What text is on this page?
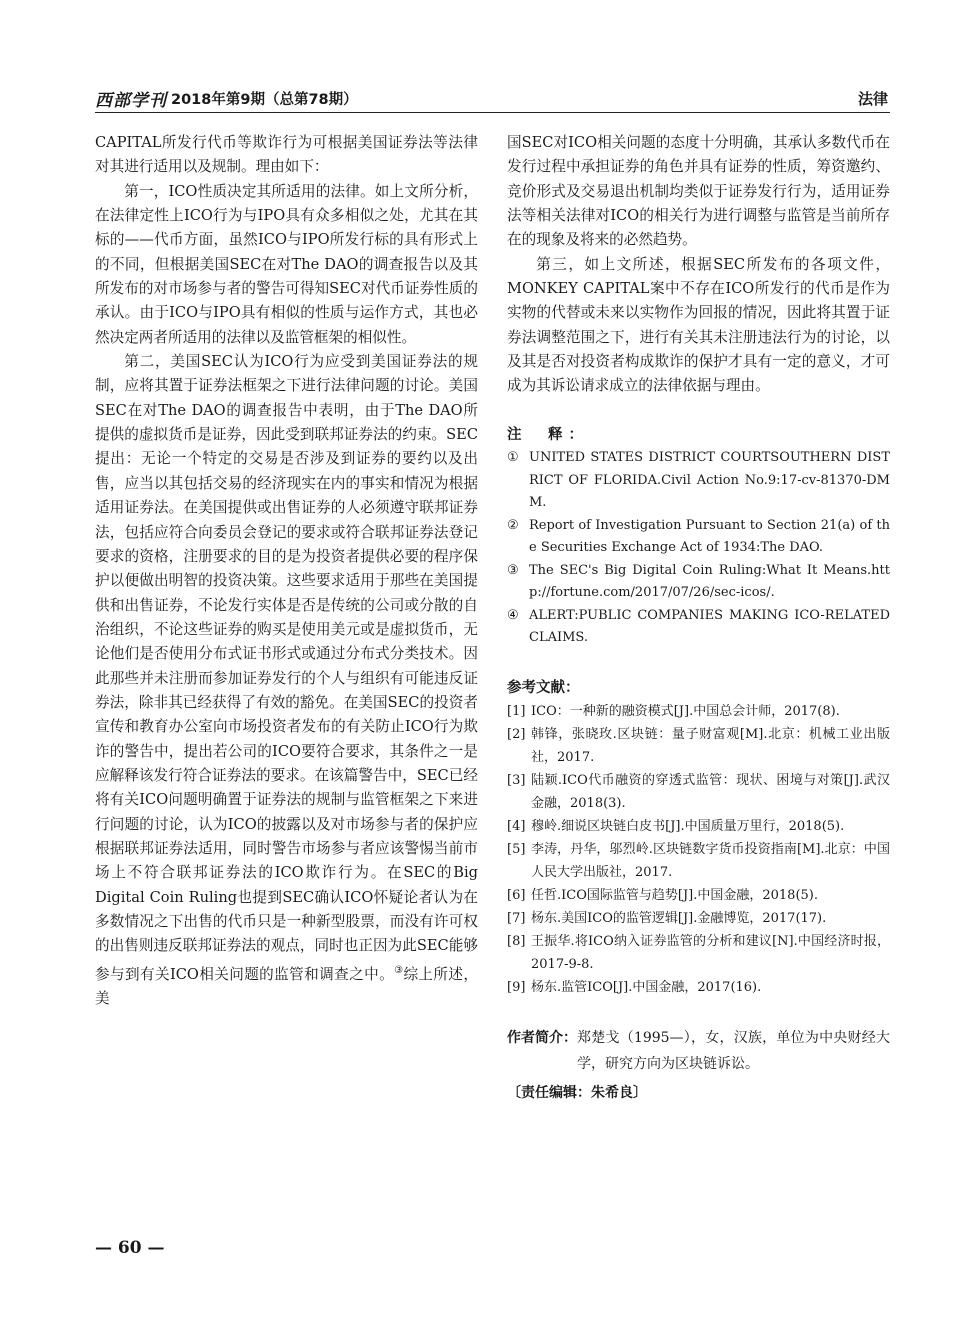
西部学刊 2018年第9期（总第78期）	法律

CAPITAL所发行代币等欺诈行为可根据美国证券法等法律对其进行适用以及规制。理由如下：

第一，ICO性质决定其所适用的法律。如上文所分析，在法律定性上ICO行为与IPO具有众多相似之处，尤其在其标的——代币方面，虽然ICO与IPO所发行标的具有形式上的不同，但根据美国SEC在对The DAO的调查报告以及其所发布的对市场参与者的警告可得知SEC对代币证券性质的承认。由于ICO与IPO具有相似的性质与运作方式，其也必然决定两者所适用的法律以及监管框架的相似性。

第二，美国SEC认为ICO行为应受到美国证券法的规制，应将其置于证券法框架之下进行法律问题的讨论。美国SEC在对The DAO的调查报告中表明，由于The DAO所提供的虚拟货币是证券，因此受到联邦证券法的约束。SEC提出：无论一个特定的交易是否涉及到证券的要约以及出售，应当以其包括交易的经济现实在内的事实和情况为根据适用证券法。在美国提供或出售证券的人必须遵守联邦证券法，包括应符合向委员会登记的要求或符合联邦证券法登记要求的资格，注册要求的目的是为投资者提供必要的程序保护以便做出明智的投资决策。这些要求适用于那些在美国提供和出售证券，不论发行实体是否是传统的公司或分散的自治组织，不论这些证券的购买是使用美元或是虚拟货币，无论他们是否使用分布式证书形式或通过分布式分类技术。因此那些并未注册而参加证券发行的个人与组织有可能违反证券法，除非其已经获得了有效的豁免。在美国SEC的投资者宣传和教育办公室向市场投资者发布的有关防止ICO行为欺诈的警告中，提出若公司的ICO要符合要求，其条件之一是应解释该发行符合证券法的要求。在该篇警告中，SEC已经将有关ICO问题明确置于证券法的规制与监管框架之下来进行问题的讨论，认为ICO的披露以及对市场参与者的保护应根据联邦证券法适用，同时警告市场参与者应该警惕当前市场上不符合联邦证券法的ICO欺诈行为。在SEC的Big Digital Coin Ruling也提到SEC确认ICO怀疑论者认为在多数情况之下出售的代币只是一种新型股票，而没有许可权的出售则违反联邦证券法的观点，同时也正因为此SEC能够参与到有关ICO相关问题的监管和调查之中。③综上所述，美

国SEC对ICO相关问题的态度十分明确，其承认多数代币在发行过程中承担证券的角色并具有证券的性质，筹资邀约、竞价形式及交易退出机制均类似于证券发行行为，适用证券法等相关法律对ICO的相关行为进行调整与监管是当前所存在的现象及将来的必然趋势。

第三，如上文所述，根据SEC所发布的各项文件，MONKEY CAPITAL案中不存在ICO所发行的代币是作为实物的代替或未来以实物作为回报的情况，因此将其置于证券法调整范围之下，进行有关其未注册违法行为的讨论，以及其是否对投资者构成欺诈的保护才具有一定的意义，才可成为其诉讼请求成立的法律依据与理由。

注　释：

① UNITED STATES DISTRICT COURTSOUTHERN DISTRICT OF FLORIDA.Civil Action No.9:17-cv-81370-DMM.

② Report of Investigation Pursuant to Section 21(a) of the Securities Exchange Act of 1934:The DAO.

③ The SEC's Big Digital Coin Ruling:What It Means.http://fortune.com/2017/07/26/sec-icos/.

④ ALERT:PUBLIC COMPANIES MAKING ICO-RELATED CLAIMS.

参考文献：

[1] ICO：一种新的融资模式[J].中国总会计师，2017(8).

[2] 韩锋，张晓玫.区块链：量子财富观[M].北京：机械工业出版社，2017.

[3] 陆颖.ICO代币融资的穿透式监管：现状、困境与对策[J].武汉金融，2018(3).

[4] 穆岭.细说区块链白皮书[J].中国质量万里行，2018(5).

[5] 李涛，丹华，邬烈岭.区块链数字货币投资指南[M].北京：中国人民大学出版社，2017.

[6] 任哲.ICO国际监管与趋势[J].中国金融，2018(5).

[7] 杨东.美国ICO的监管逻辑[J].金融博览，2017(17).

[8] 王振华.将ICO纳入证券监管的分析和建议[N].中国经济时报，2017-9-8.

[9] 杨东.监管ICO[J].中国金融，2017(16).

作者简介： 郑楚戈（1995—），女，汉族，单位为中央财经大学，研究方向为区块链诉讼。

〔责任编辑：朱希良〕

— 60 —
